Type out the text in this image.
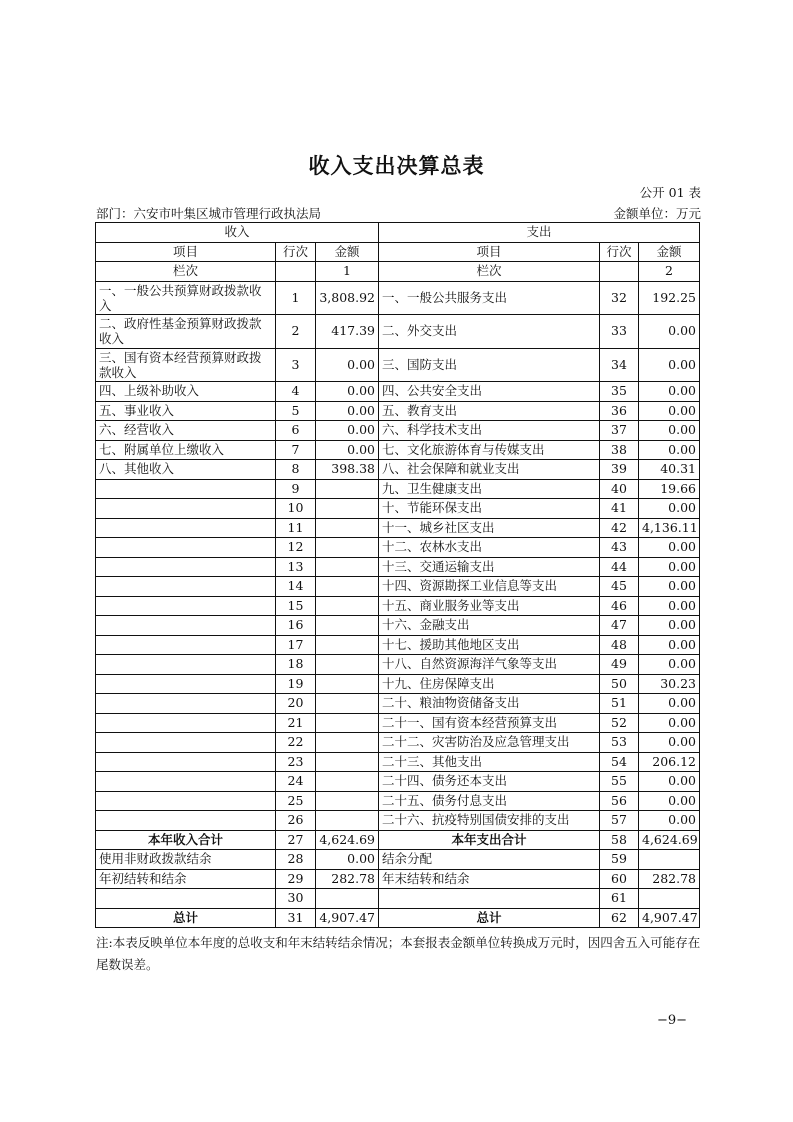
收入支出决算总表
公开 01 表
部门：六安市叶集区城市管理行政执法局	金额单位：万元
收入			支出		
项目	行次	金额	项目	行次	金额
栏次		1	栏次		2
一、一般公共预算财政拨款收入	1	3,808.92	一、一般公共服务支出	32	192.25
二、政府性基金预算财政拨款收入	2	417.39	二、外交支出	33	0.00
三、国有资本经营预算财政拨款收入	3	0.00	三、国防支出	34	0.00
四、上级补助收入	4	0.00	四、公共安全支出	35	0.00
五、事业收入	5	0.00	五、教育支出	36	0.00
六、经营收入	6	0.00	六、科学技术支出	37	0.00
七、附属单位上缴收入	7	0.00	七、文化旅游体育与传媒支出	38	0.00
八、其他收入	8	398.38	八、社会保障和就业支出	39	40.31
	9		九、卫生健康支出	40	19.66
	10		十、节能环保支出	41	0.00
	11		十一、城乡社区支出	42	4,136.11
	12		十二、农林水支出	43	0.00
	13		十三、交通运输支出	44	0.00
	14		十四、资源勘探工业信息等支出	45	0.00
	15		十五、商业服务业等支出	46	0.00
	16		十六、金融支出	47	0.00
	17		十七、援助其他地区支出	48	0.00
	18		十八、自然资源海洋气象等支出	49	0.00
	19		十九、住房保障支出	50	30.23
	20		二十、粮油物资储备支出	51	0.00
	21		二十一、国有资本经营预算支出	52	0.00
	22		二十二、灾害防治及应急管理支出	53	0.00
	23		二十三、其他支出	54	206.12
	24		二十四、债务还本支出	55	0.00
	25		二十五、债务付息支出	56	0.00
	26		二十六、抗疫特别国债安排的支出	57	0.00
本年收入合计	27	4,624.69	本年支出合计	58	4,624.69
使用非财政拨款结余	28	0.00	结余分配	59	
年初结转和结余	29	282.78	年末结转和结余	60	282.78
	30			61	
总计	31	4,907.47	总计	62	4,907.47
注:本表反映单位本年度的总收支和年末结转结余情况；本套报表金额单位转换成万元时，因四舍五入可能存在尾数误差。
−9−
